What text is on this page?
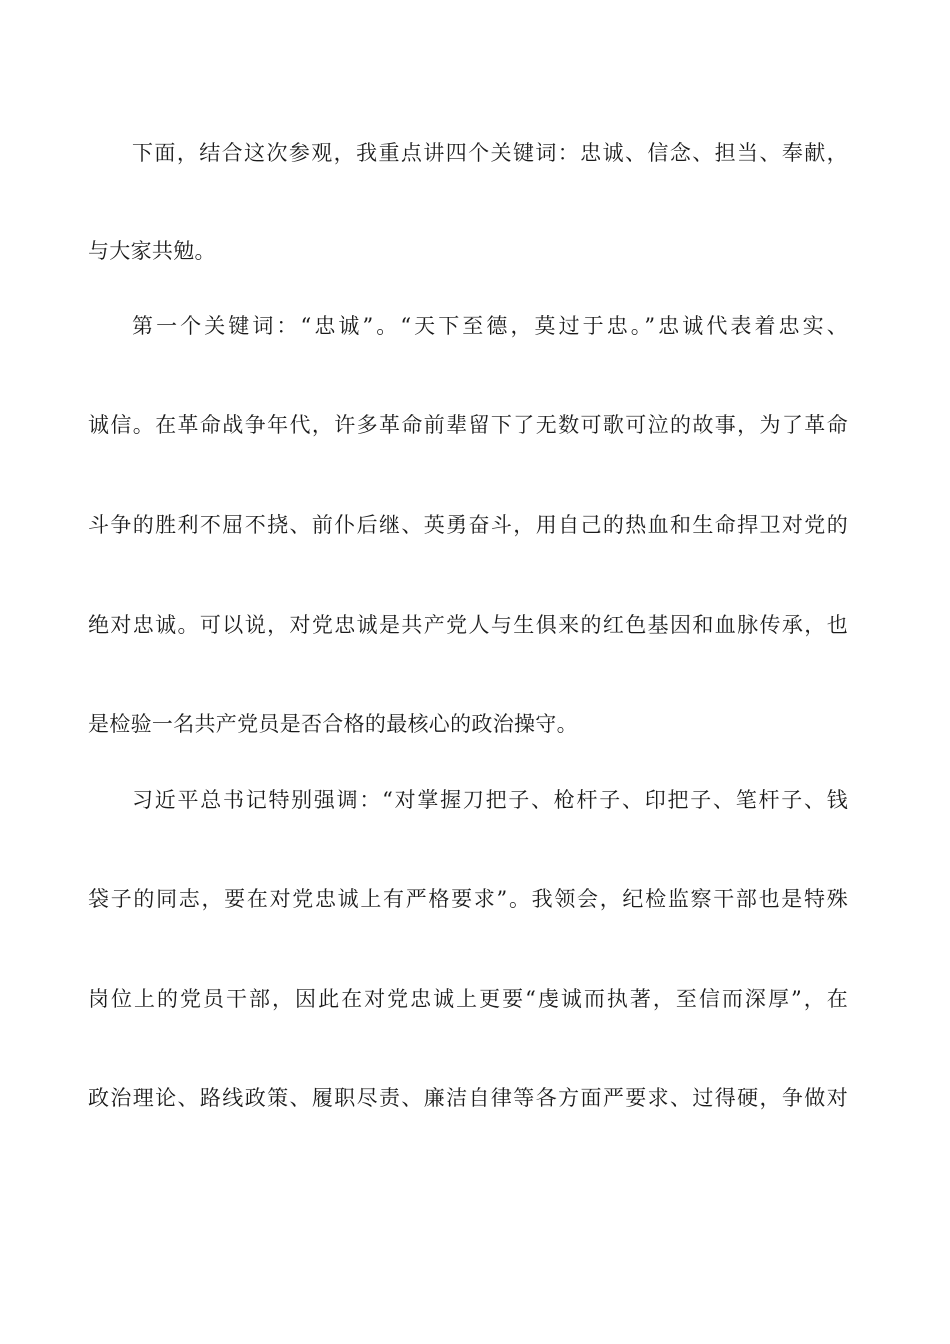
下面，结合这次参观，我重点讲四个关键词：忠诚、信念、担当、奉献，
与大家共勉。
第一个关键词：“忠诚”。“天下至德，莫过于忠。”忠诚代表着忠实、
诚信。在革命战争年代，许多革命前辈留下了无数可歌可泣的故事，为了革命
斗争的胜利不屈不挠、前仆后继、英勇奋斗，用自己的热血和生命捍卫对党的
绝对忠诚。可以说，对党忠诚是共产党人与生俱来的红色基因和血脉传承，也
是检验一名共产党员是否合格的最核心的政治操守。
习近平总书记特别强调：“对掌握刀把子、枪杆子、印把子、笔杆子、钱
袋子的同志，要在对党忠诚上有严格要求”。我领会，纪检监察干部也是特殊
岗位上的党员干部，因此在对党忠诚上更要“虔诚而执著，至信而深厚”，在
政治理论、路线政策、履职尽责、廉洁自律等各方面严要求、过得硬，争做对
